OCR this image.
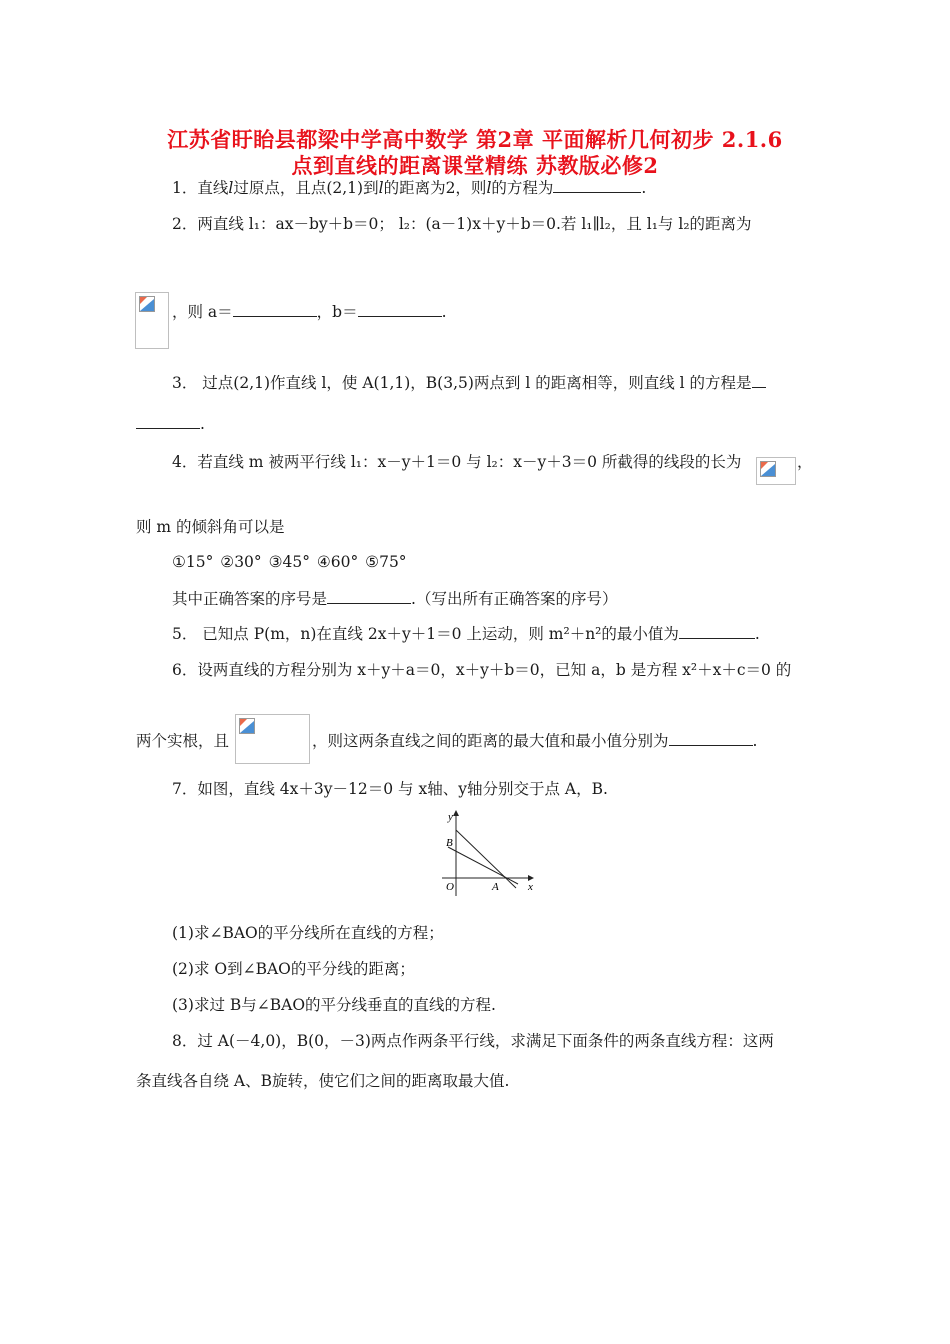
江苏省盱眙县都梁中学高中数学 第2章 平面解析几何初步 2.1.6
点到直线的距离课堂精练 苏教版必修2
1．直线l过原点，且点(2,1)到l的距离为2，则l的方程为	.
2．两直线 l₁：ax－by＋b＝0； l₂：(a－1)x＋y＋b＝0.若 l₁∥l₂，且 l₁与 l₂的距离为
，则 a＝	，b＝	.
3． 过点(2,1)作直线 l，使 A(1,1)，B(3,5)两点到 l 的距离相等，则直线 l 的方程是
.
4．若直线 m 被两平行线 l₁：x－y＋1＝0 与 l₂：x－y＋3＝0 所截得的线段的长为	，
则 m 的倾斜角可以是
①15° ②30° ③45° ④60° ⑤75°
其中正确答案的序号是	.（写出所有正确答案的序号）
5． 已知点 P(m，n)在直线 2x＋y＋1＝0 上运动，则 m²＋n²的最小值为	.
6．设两直线的方程分别为 x＋y＋a＝0，x＋y＋b＝0，已知 a，b 是方程 x²＋x＋c＝0 的
两个实根，且	，则这两条直线之间的距离的最大值和最小值分别为	.
7．如图，直线 4x＋3y－12＝0 与 x轴、y轴分别交于点 A，B.
y
B
O	A	x
(1)求∠BAO的平分线所在直线的方程；
(2)求 O到∠BAO的平分线的距离；
(3)求过 B与∠BAO的平分线垂直的直线的方程.
8．过 A(－4,0)，B(0，－3)两点作两条平行线，求满足下面条件的两条直线方程：这两
条直线各自绕 A、B旋转，使它们之间的距离取最大值.
